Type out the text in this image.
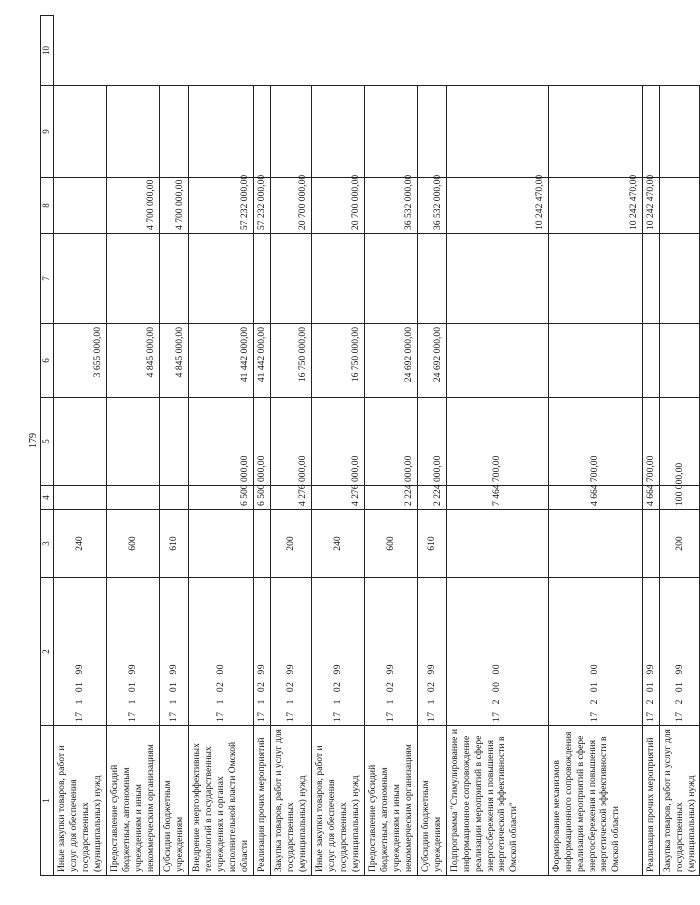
179
1	2	3	4	5	6	7	8	9	10
Иные закупки товаров, работ и услуг для обеспечения государственных (муниципальных) нужд	1710199	240			3 655 000,00				
Предоставление субсидий бюджетным, автономным учреждениям и иным некоммерческим организациям	1710199	600			4 845 000,00		4 700 000,00		
Субсидии бюджетным учреждениям	1710199	610			4 845 000,00		4 700 000,00		
Внедрение энергоэффективных технологий в государственных учреждениях и органах исполнительной власти Омской области	1710200		6 500 000,00		41 442 000,00		57 232 000,00		
Реализация прочих мероприятий	1710299		6 500 000,00		41 442 000,00		57 232 000,00		
Закупка товаров, работ и услуг для государственных (муниципальных) нужд	1710299	200	4 276 000,00		16 750 000,00		20 700 000,00		
Иные закупки товаров, работ и услуг для обеспечения государственных (муниципальных) нужд	1710299	240	4 276 000,00		16 750 000,00		20 700 000,00		
Предоставление субсидий бюджетным, автономным учреждениям и иным некоммерческим организациям	1710299	600	2 224 000,00		24 692 000,00		36 532 000,00		
Субсидии бюджетным учреждениям	1710299	610	2 224 000,00		24 692 000,00		36 532 000,00		
Подпрограмма "Стимулирование и информационное сопровождение реализации мероприятий в сфере энергосбережения и повышения энергетической эффективности в Омской области"	1720000		7 464 700,00				10 242 470,00		
Формирование механизмов информационного сопровождения реализации мероприятий в сфере энергосбережения и повышения энергетической эффективности в Омской области	1720100		4 664 700,00				10 242 470,00		
Реализация прочих мероприятий	1720199		4 664 700,00				10 242 470,00		
Закупка товаров, работ и услуг для государственных (муниципальных) нужд	1720199	200	100 000,00						
